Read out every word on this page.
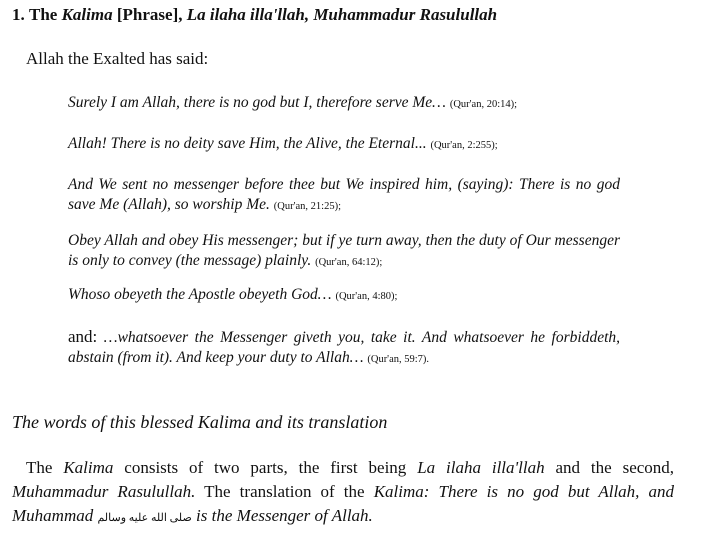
1. The Kalima [Phrase], La ilaha illa'llah, Muhammadur Rasulullah
Allah the Exalted has said:
Surely I am Allah, there is no god but I, therefore serve Me… (Qur'an, 20:14);
Allah! There is no deity save Him, the Alive, the Eternal... (Qur'an, 2:255);
And We sent no messenger before thee but We inspired him, (saying): There is no god save Me (Allah), so worship Me. (Qur'an, 21:25);
Obey Allah and obey His messenger; but if ye turn away, then the duty of Our messenger is only to convey (the message) plainly. (Qur'an, 64:12);
Whoso obeyeth the Apostle obeyeth God… (Qur'an, 4:80);
and: …whatsoever the Messenger giveth you, take it. And whatsoever he forbiddeth, abstain (from it). And keep your duty to Allah… (Qur'an, 59:7).
The words of this blessed Kalima and its translation
The Kalima consists of two parts, the first being La ilaha illa'llah and the second, Muhammadur Rasulullah. The translation of the Kalima: There is no god but Allah, and Muhammad صلى الله عليه وسالم is the Messenger of Allah.
